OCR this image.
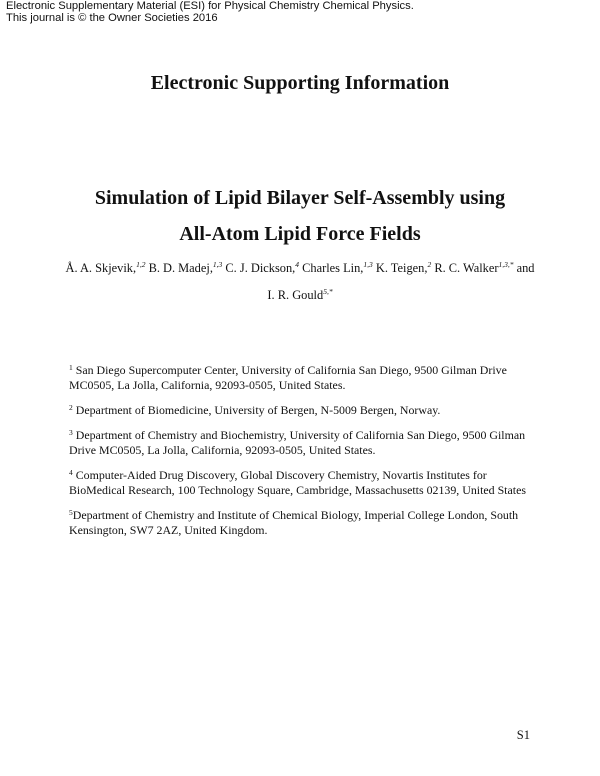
Electronic Supplementary Material (ESI) for Physical Chemistry Chemical Physics.
This journal is © the Owner Societies 2016
Electronic Supporting Information
Simulation of Lipid Bilayer Self-Assembly using
All-Atom Lipid Force Fields
Å. A. Skjevik,$^{1,2}$ B. D. Madej,$^{1,3}$ C. J. Dickson,$^4$ Charles Lin,$^{1,3}$ K. Teigen,$^2$ R. C. Walker$^{1,3,*}$ and
I. R. Gould$^{5,*}$

$^1$ San Diego Supercomputer Center, University of California San Diego, 9500 Gilman Drive MC0505, La Jolla, California, 92093-0505, United States.

$^2$ Department of Biomedicine, University of Bergen, N-5009 Bergen, Norway.

$^3$ Department of Chemistry and Biochemistry, University of California San Diego, 9500 Gilman Drive MC0505, La Jolla, California, 92093-0505, United States.

$^4$ Computer-Aided Drug Discovery, Global Discovery Chemistry, Novartis Institutes for BioMedical Research, 100 Technology Square, Cambridge, Massachusetts 02139, United States

$^5$Department of Chemistry and Institute of Chemical Biology, Imperial College London, South Kensington, SW7 2AZ, United Kingdom.

S1
